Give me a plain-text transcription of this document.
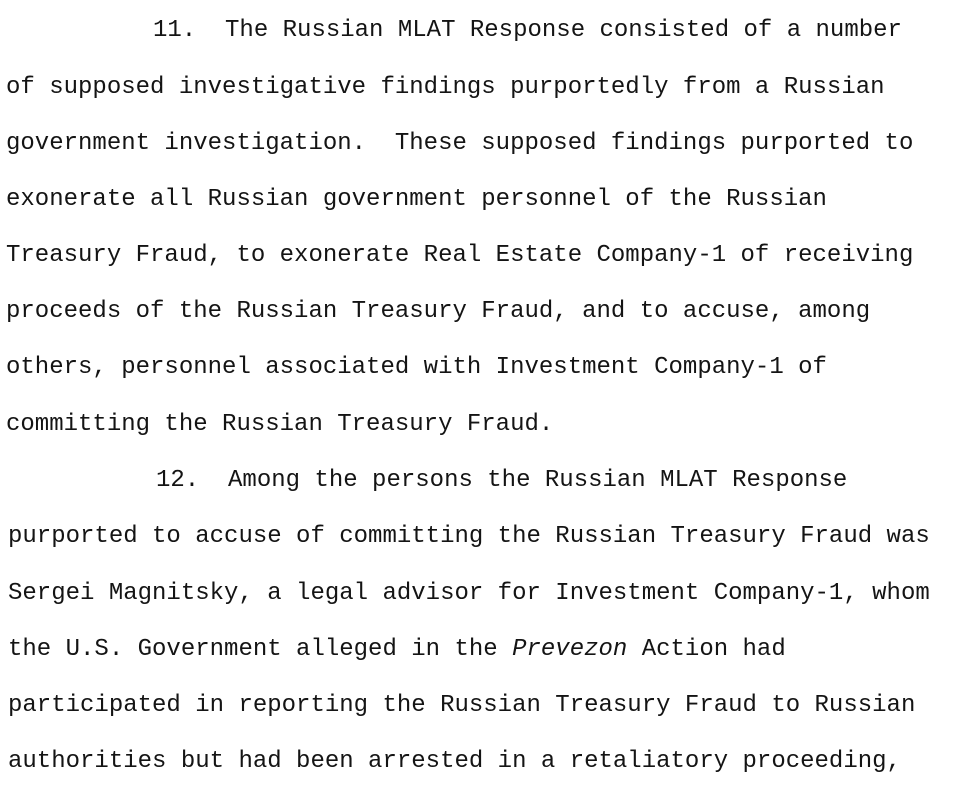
11. The Russian MLAT Response consisted of a number
of supposed investigative findings purportedly from a Russian
government investigation.  These supposed findings purported to
exonerate all Russian government personnel of the Russian
Treasury Fraud, to exonerate Real Estate Company-1 of receiving
proceeds of the Russian Treasury Fraud, and to accuse, among
others, personnel associated with Investment Company-1 of
committing the Russian Treasury Fraud.
12. Among the persons the Russian MLAT Response
purported to accuse of committing the Russian Treasury Fraud was
Sergei Magnitsky, a legal advisor for Investment Company-1, whom
the U.S. Government alleged in the Prevezon Action had
participated in reporting the Russian Treasury Fraud to Russian
authorities but had been arrested in a retaliatory proceeding,
